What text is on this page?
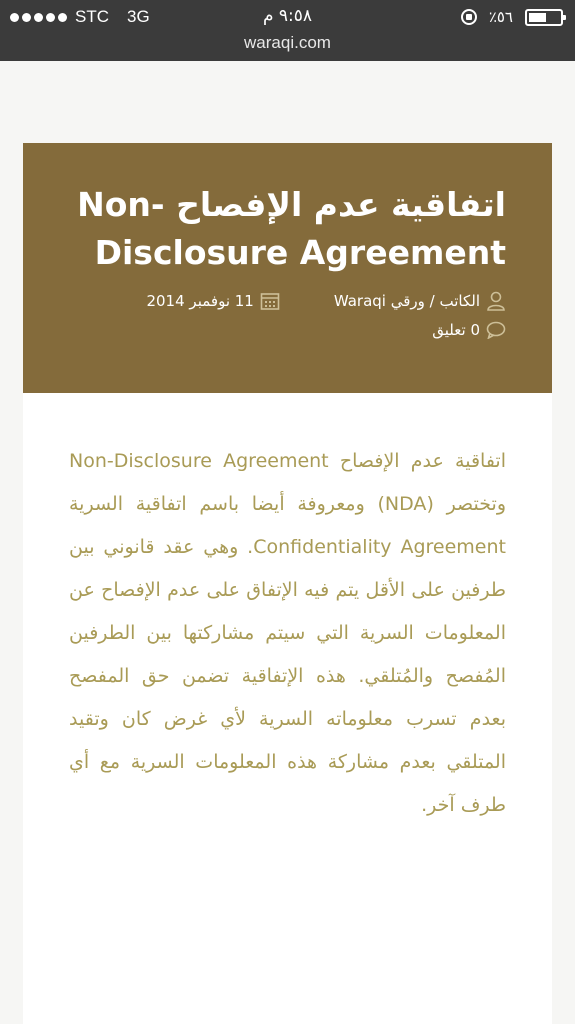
STC 3G	٩:٥٨ م	٪٥٦
waraqi.com
اتفاقية عدم الإفصاح -Non Disclosure Agreement
الكاتب / ورقي Waraqi
11 نوفمبر 2014
0 تعليق

اتفاقية عدم الإفصاح Non-Disclosure Agreement وتختصر (NDA) ومعروفة أيضا باسم اتفاقية السرية Confidentiality Agreement. وهي عقد قانوني بين طرفين على الأقل يتم فيه الإتفاق على عدم الإفصاح عن المعلومات السرية التي سيتم مشاركتها بين الطرفين المُفصح والمُتلقي. هذه الإتفاقية تضمن حق المفصح بعدم تسرب معلوماته السرية لأي غرض كان وتقيد المتلقي بعدم مشاركة هذه المعلومات السرية مع أي طرف آخر.
